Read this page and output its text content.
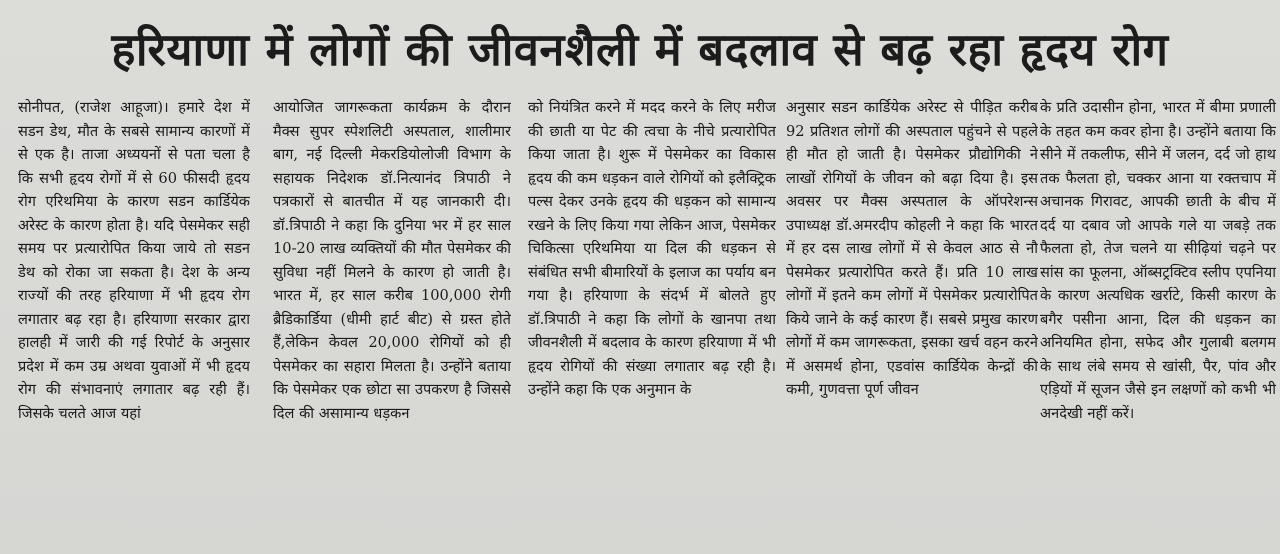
हरियाणा में लोगों की जीवनशैली में बदलाव से बढ़ रहा हृदय रोग

सोनीपत, (राजेश आहूजा)। हमारे देश में सडन डेथ, मौत के सबसे सामान्य कारणों में से एक है। ताजा अध्ययनों से पता चला है कि सभी हृदय रोगों में से 60 फीसदी हृदय रोग एरिथमिया के कारण सडन कार्डियेक अरेस्ट के कारण होता है। यदि पेसमेकर सही समय पर प्रत्यारोपित किया जाये तो सडन डेथ को रोका जा सकता है। देश के अन्य राज्यों की तरह हरियाणा में भी हृदय रोग लगातार बढ़ रहा है। हरियाणा सरकार द्वारा हालही में जारी की गई रिपोर्ट के अनुसार प्रदेश में कम उम्र अथवा युवाओं में भी हृदय रोग की संभावनाएं लगातार बढ़ रही हैं। जिसके चलते आज यहां

आयोजित जागरूकता कार्यक्रम के दौरान मैक्स सुपर स्पेशलिटी अस्पताल, शालीमार बाग, नई दिल्ली मेकरडियोलोजी विभाग के सहायक निदेशक डॉ.नित्यानंद त्रिपाठी ने पत्रकारों से बातचीत में यह जानकारी दी। डॉ.त्रिपाठी ने कहा कि दुनिया भर में हर साल 10-20 लाख व्यक्तियों की मौत पेसमेकर की सुविधा नहीं मिलने के कारण हो जाती है। भारत में, हर साल करीब 100,000 रोगी ब्रैडिकार्डिया (धीमी हार्ट बीट) से ग्रस्त होते हैं,लेकिन केवल 20,000 रोगियों को ही पेसमेकर का सहारा मिलता है। उन्होंने बताया कि पेसमेकर एक छोटा सा उपकरण है जिससे दिल की असामान्य धड़कन

को नियंत्रित करने में मदद करने के लिए मरीज की छाती या पेट की त्वचा के नीचे प्रत्यारोपित किया जाता है। शुरू में पेसमेकर का विकास हृदय की कम धड़कन वाले रोगियों को इलैक्ट्रिक पल्स देकर उनके हृदय की धड़कन को सामान्य रखने के लिए किया गया लेकिन आज, पेसमेकर चिकित्सा एरिथमिया या दिल की धड़कन से संबंधित सभी बीमारियों के इलाज का पर्याय बन गया है। हरियाणा के संदर्भ में बोलते हुए डॉ.त्रिपाठी ने कहा कि लोगों के खानपा तथा जीवनशैली में बदलाव के कारण हरियाणा में भी हृदय रोगियों की संख्या लगातार बढ़ रही है। उन्होंने कहा कि एक अनुमान के

अनुसार सडन कार्डियेक अरेस्ट से पीड़ित करीब 92 प्रतिशत लोगों की अस्पताल पहुंचने से पहले ही मौत हो जाती है। पेसमेकर प्रौद्योगिकी ने लाखों रोगियों के जीवन को बढ़ा दिया है। इस अवसर पर मैक्स अस्पताल के ऑपरेशन्स उपाध्यक्ष डॉ.अमरदीप कोहली ने कहा कि भारत में हर दस लाख लोगों में से केवल आठ से नौ पेसमेकर प्रत्यारोपित करते हैं। प्रति 10 लाख लोगों में इतने कम लोगों में पेसमेकर प्रत्यारोपित किये जाने के कई कारण हैं। सबसे प्रमुख कारण लोगों में कम जागरूकता, इसका खर्च वहन करने में असमर्थ होना, एडवांस कार्डियेक केन्द्रों की कमी, गुणवत्ता पूर्ण जीवन

के प्रति उदासीन होना, भारत में बीमा प्रणाली के तहत कम कवर होना है। उन्होंने बताया कि सीने में तकलीफ, सीने में जलन, दर्द जो हाथ तक फैलता हो, चक्कर आना या रक्तचाप में अचानक गिरावट, आपकी छाती के बीच में दर्द या दबाव जो आपके गले या जबड़े तक फैलता हो, तेज चलने या सीढ़ियां चढ़ने पर सांस का फूलना, ऑब्सट्रक्टिव स्लीप एपनिया के कारण अत्यधिक खर्राटे, किसी कारण के बगैर पसीना आना, दिल की धड़कन का अनियमित होना, सफेद और गुलाबी बलगम के साथ लंबे समय से खांसी, पैर, पांव और एड़ियों में सूजन जैसे इन लक्षणों को कभी भी अनदेखी नहीं करें।
